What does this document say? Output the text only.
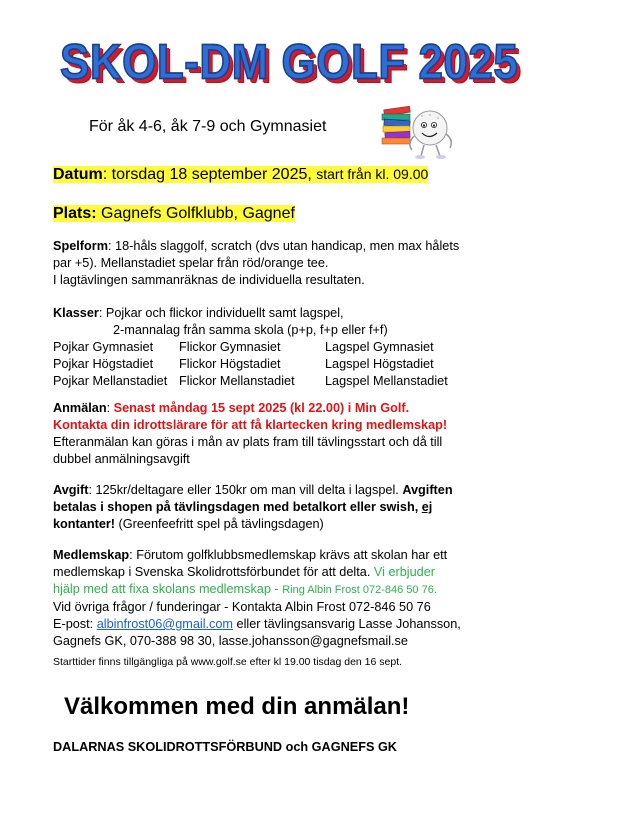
SKOL-DM GOLF 2025
För åk 4-6, åk 7-9 och Gymnasiet
Datum: torsdag 18 september 2025, start från kl. 09.00
Plats: Gagnefs Golfklubb, Gagnef
Spelform: 18-håls slaggolf, scratch (dvs utan handicap, men max hålets
par +5). Mellanstadiet spelar från röd/orange tee.
I lagtävlingen sammanräknas de individuella resultaten.
Klasser: Pojkar och flickor individuellt samt lagspel,
2-mannalag från samma skola (p+p, f+p eller f+f)
Pojkar Gymnasiet	Flickor Gymnasiet	Lagspel Gymnasiet
Pojkar Högstadiet	Flickor Högstadiet	Lagspel Högstadiet
Pojkar Mellanstadiet Flickor Mellanstadiet	Lagspel Mellanstadiet
Anmälan: Senast måndag 15 sept 2025 (kl 22.00) i Min Golf.
Kontakta din idrottslärare för att få klartecken kring medlemskap!
Efteranmälan kan göras i mån av plats fram till tävlingsstart och då till
dubbel anmälningsavgift
Avgift: 125kr/deltagare eller 150kr om man vill delta i lagspel. Avgiften
betalas i shopen på tävlingsdagen med betalkort eller swish, ej
kontanter! (Greenfeefritt spel på tävlingsdagen)
Medlemskap: Förutom golfklubbsmedlemskap krävs att skolan har ett
medlemskap i Svenska Skolidrottsförbundet för att delta. Vi erbjuder
hjälp med att fixa skolans medlemskap - Ring Albin Frost 072-846 50 76.
Vid övriga frågor / funderingar - Kontakta Albin Frost 072-846 50 76
E-post: albinfrost06@gmail.com eller tävlingsansvarig Lasse Johansson,
Gagnefs GK, 070-388 98 30, lasse.johansson@gagnefsmail.se
Starttider finns tillgängliga på www.golf.se efter kl 19.00 tisdag den 16 sept.
Välkommen med din anmälan!
DALARNAS SKOLIDROTTSFÖRBUND och GAGNEFS GK
